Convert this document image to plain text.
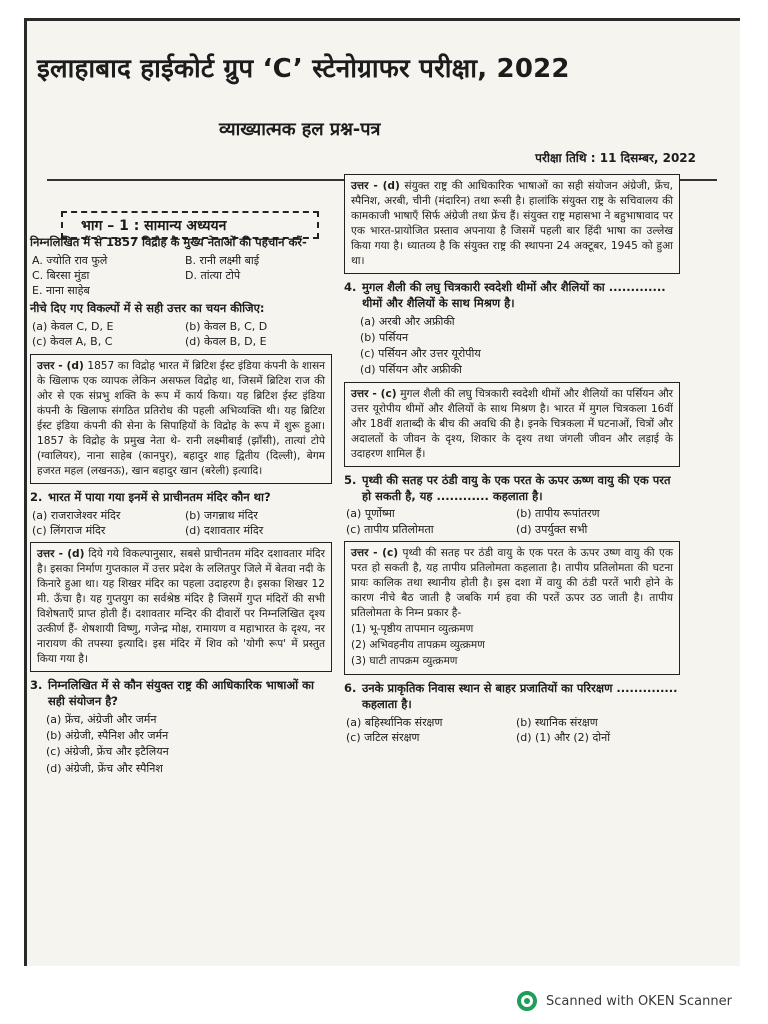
इलाहाबाद हाईकोर्ट ग्रुप ‘C’ स्टेनोग्राफर परीक्षा, 2022
व्याख्यात्मक हल प्रश्न-पत्र
परीक्षा तिथि : 11 दिसम्बर, 2022
भाग – 1 : सामान्य अध्ययन
निम्नलिखित में से 1857 विद्रोह के मुख्य नेताओं की पहचान करें-
A. ज्योति राव फुले	B. रानी लक्ष्मी बाई
C. बिरसा मुंडा	D. तांत्या टोपे
E. नाना साहेब
नीचे दिए गए विकल्पों में से सही उत्तर का चयन कीजिए:
(a) केवल C, D, E	(b) केवल B, C, D
(c) केवल A, B, C	(d) केवल B, D, E
उत्तर - (d) 1857 का विद्रोह भारत में ब्रिटिश ईस्ट इंडिया कंपनी के शासन के खिलाफ एक व्यापक लेकिन असफल विद्रोह था, जिसमें ब्रिटिश राज की ओर से एक संप्रभु शक्ति के रूप में कार्य किया। यह ब्रिटिश ईस्ट इंडिया कंपनी के खिलाफ संगठित प्रतिरोध की पहली अभिव्यक्ति थी। यह ब्रिटिश ईस्ट इंडिया कंपनी की सेना के सिपाहियों के विद्रोह के रूप में शुरू हुआ। 1857 के विद्रोह के प्रमुख नेता थे- रानी लक्ष्मीबाई (झाँसी), तात्यां टोपे (ग्वालियर), नाना साहेब (कानपुर), बहादुर शाह द्वितीय (दिल्ली), बेगम हजरत महल (लखनऊ), खान बहादुर खान (बरेली) इत्यादि।
2. भारत में पाया गया इनमें से प्राचीनतम मंदिर कौन था?
(a) राजराजेश्वर मंदिर	(b) जगन्नाथ मंदिर
(c) लिंगराज मंदिर	(d) दशावतार मंदिर
उत्तर - (d) दिये गये विकल्पानुसार, सबसे प्राचीनतम मंदिर दशावतार मंदिर है। इसका निर्माण गुप्तकाल में उत्तर प्रदेश के ललितपुर जिले में बेतवा नदी के किनारे हुआ था। यह शिखर मंदिर का पहला उदाहरण है। इसका शिखर 12 मी. ऊँचा है। यह गुप्तयुग का सर्वश्रेष्ठ मंदिर है जिसमें गुप्त मंदिरों की सभी विशेषताएँ प्राप्त होती हैं। दशावतार मन्दिर की दीवारों पर निम्नलिखित दृश्य उत्कीर्ण हैं- शेषशायी विष्णु, गजेन्द्र मोक्ष, रामायण व महाभारत के दृश्य, नर नारायण की तपस्या इत्यादि। इस मंदिर में शिव को 'योगी रूप' में प्रस्तुत किया गया है।
3. निम्नलिखित में से कौन संयुक्त राष्ट्र की आधिकारिक भाषाओं का सही संयोजन है?
(a) फ्रेंच, अंग्रेजी और जर्मन
(b) अंग्रेजी, स्पैनिश और जर्मन
(c) अंग्रेजी, फ्रेंच और इटैलियन
(d) अंग्रेजी, फ्रेंच और स्पैनिश
उत्तर - (d) संयुक्त राष्ट्र की आधिकारिक भाषाओं का सही संयोजन अंग्रेजी, फ्रेंच, स्पैनिश, अरबी, चीनी (मंदारिन) तथा रूसी है। हालांकि संयुक्त राष्ट्र के सचिवालय की कामकाजी भाषाएँ सिर्फ अंग्रेजी तथा फ्रेंच हैं। संयुक्त राष्ट्र महासभा ने बहुभाषावाद पर एक भारत-प्रायोजित प्रस्ताव अपनाया है जिसमें पहली बार हिंदी भाषा का उल्लेख किया गया है। ध्यातव्य है कि संयुक्त राष्ट्र की स्थापना 24 अक्टूबर, 1945 को हुआ था।
4. मुगल शैली की लघु चित्रकारी स्वदेशी थीमों और शैलियों का ............. थीमों और शैलियों के साथ मिश्रण है।
(a) अरबी और अफ्रीकी
(b) पर्सियन
(c) पर्सियन और उत्तर यूरोपीय
(d) पर्सियन और अफ्रीकी
उत्तर - (c) मुगल शैली की लघु चित्रकारी स्वदेशी थीमों और शैलियों का पर्सियन और उत्तर यूरोपीय थीमों और शैलियों के साथ मिश्रण है। भारत में मुगल चित्रकला 16वीं और 18वीं शताब्दी के बीच की अवधि की है। इनके चित्रकला में घटनाओं, चित्रों और अदालतों के जीवन के दृश्य, शिकार के दृश्य तथा जंगली जीवन और लड़ाई के उदाहरण शामिल हैं।
5. पृथ्वी की सतह पर ठंडी वायु के एक परत के ऊपर ऊष्ण वायु की एक परत हो सकती है, यह ............ कहलाता है।
(a) पूर्णोष्मा	(b) तापीय रूपांतरण
(c) तापीय प्रतिलोमता	(d) उपर्युक्त सभी
उत्तर - (c) पृथ्वी की सतह पर ठंडी वायु के एक परत के ऊपर उष्ण वायु की एक परत हो सकती है, यह तापीय प्रतिलोमता कहलाता है। तापीय प्रतिलोमता की घटना प्रायः कालिक तथा स्थानीय होती है। इस दशा में वायु की ठंडी परतें भारी होने के कारण नीचे बैठ जाती है जबकि गर्म हवा की परतें ऊपर उठ जाती है। तापीय प्रतिलोमता के निम्न प्रकार है-
(1) भू-पृष्ठीय तापमान व्युत्क्रमण
(2) अभिवहनीय तापक्रम व्युत्क्रमण
(3) घाटी तापक्रम व्युत्क्रमण
6. उनके प्राकृतिक निवास स्थान से बाहर प्रजातियों का परिरक्षण .............. कहलाता है।
(a) बहिर्स्थानिक संरक्षण	(b) स्थानिक संरक्षण
(c) जटिल संरक्षण	(d) (1) और (2) दोनों
Scanned with OKEN Scanner
